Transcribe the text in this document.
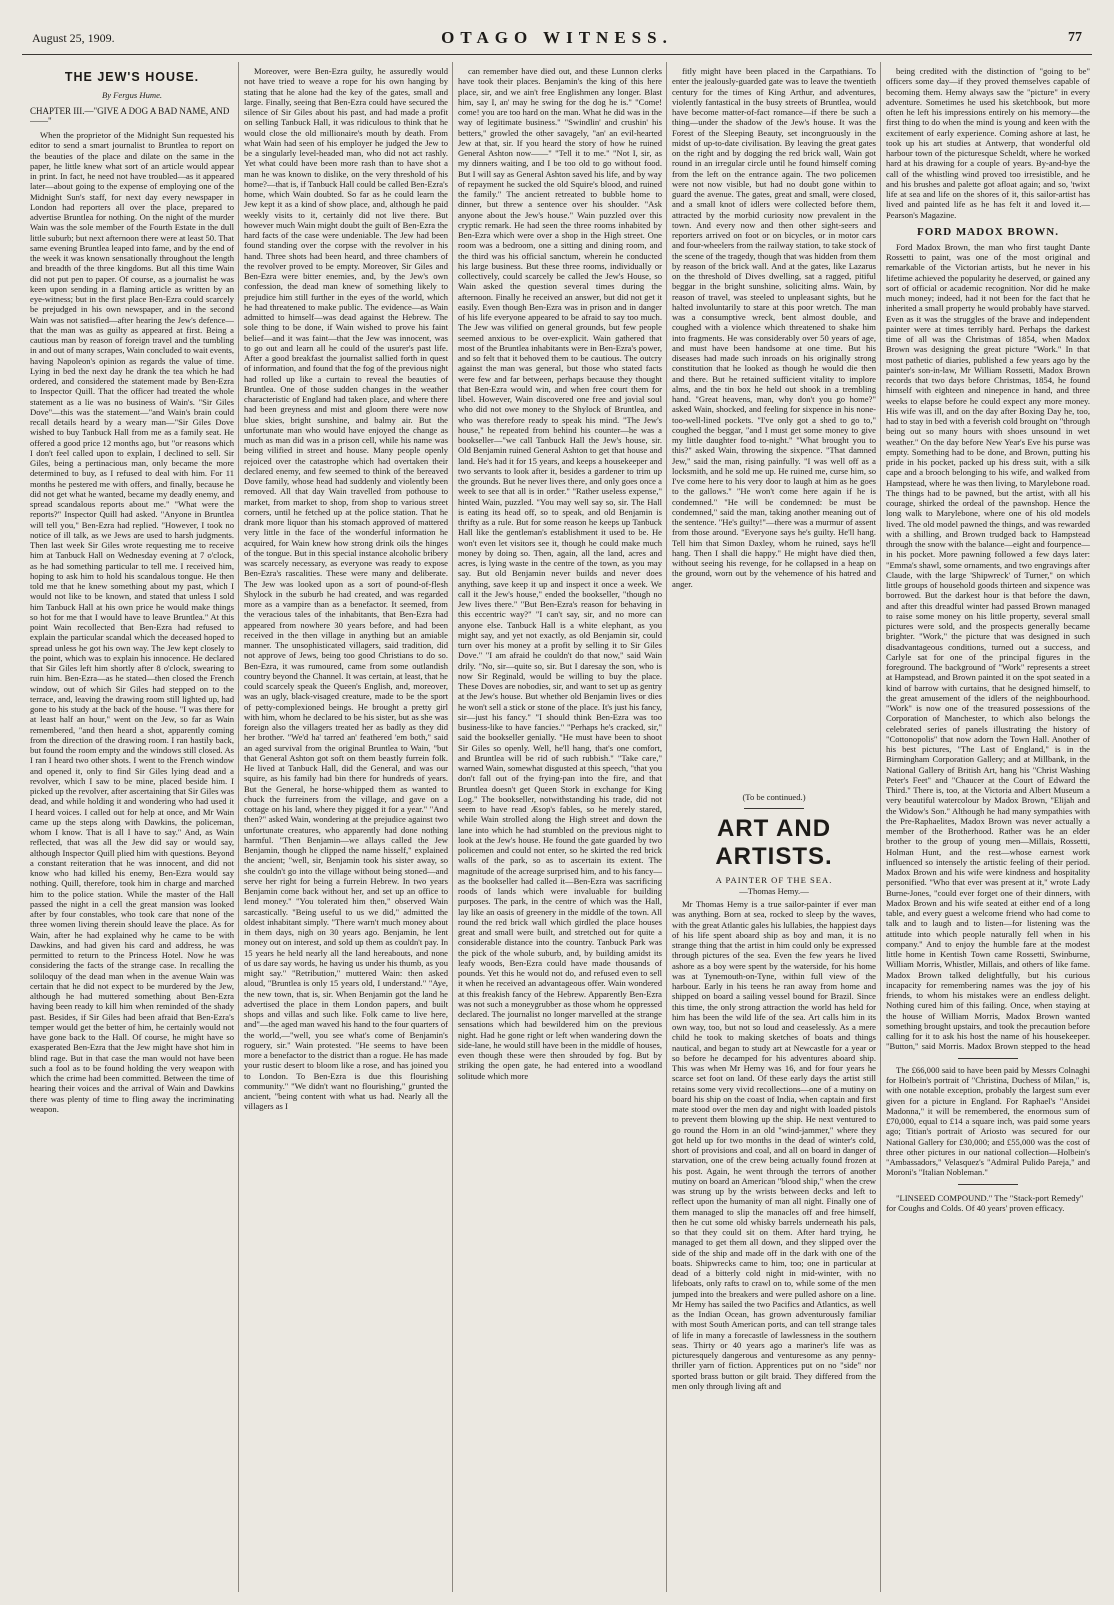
August 25, 1909.	OTAGO WITNESS.	77
THE JEW'S HOUSE.
By Fergus Hume.
CHAPTER III.—"GIVE A DOG A BAD NAME, AND——"

When the proprietor of the Midnight Sun requested his editor to send a smart journalist to Bruntlea to report on the beauties of the place and dilate on the same in the paper, he little knew what sort of an article would appear in print. In fact, he need not have troubled—as it appeared later—about going to the expense of employing one of the Midnight Sun's staff, for next day every newspaper in London had reporters all over the place, prepared to advertise Bruntlea for nothing. On the night of the murder Wain was the sole member of the Fourth Estate in the dull little suburb; but next afternoon there were at least 50. That same evening Bruntlea leaped into fame, and by the end of the week it was known sensationally throughout the length and breadth of the three kingdoms. But all this time Wain did not put pen to paper. Of course, as a journalist he was keen upon sending in a flaming article as written by an eye-witness; but in the first place Ben-Ezra could scarcely be prejudged in his own newspaper, and in the second Wain was not satisfied—after hearing the Jew's defence—that the man was as guilty as appeared at first. Being a cautious man by reason of foreign travel and the tumbling in and out of many scrapes, Wain concluded to wait events, having Napoleon's opinion as regards the value of time. Lying in bed the next day he drank the tea which he had ordered, and considered the statement made by Ben-Ezra to Inspector Quill. That the officer had treated the whole statement as a lie was no business of Wain's. "Sir Giles Dove"—this was the statement—"and Wain's brain could recall details heard by a weary man—"Sir Giles Dove wished to buy Tanbuck Hall from me as a family seat. He offered a good price 12 months ago, but "or reasons which I don't feel called upon to explain, I declined to sell. Sir Giles, being a pertinacious man, only became the more determined to buy, as I refused to deal with him. For 11 months he pestered me with offers, and finally, because he did not get what he wanted, became my deadly enemy, and spread scandalous reports about me." "What were the reports?" Inspector Quill had asked. "Anyone in Bruntlea will tell you," Ben-Ezra had replied. "However, I took no notice of ill talk, as we Jews are used to harsh judgments. Then last week Sir Giles wrote requesting me to receive him at Tanbuck Hall on Wednesday evening at 7 o'clock, as he had something particular to tell me. I received him, hoping to ask him to hold his scandalous tongue. He then told me that he knew something about my past, which I would not like to be known, and stated that unless I sold him Tanbuck Hall at his own price he would make things so hot for me that I would have to leave Bruntlea." At this point Wain recollected that Ben-Ezra had refused to explain the particular scandal which the deceased hoped to spread unless he got his own way. The Jew kept closely to the point, which was to explain his innocence. He declared that Sir Giles left him shortly after 8 o'clock, swearing to ruin him. Ben-Ezra—as he stated—then closed the French window, out of which Sir Giles had stepped on to the terrace, and, leaving the drawing room still lighted up, had gone to his study at the back of the house. "I was there for at least half an hour," went on the Jew, so far as Wain remembered, "and then heard a shot, apparently coming from the direction of the drawing room. I ran hastily back, but found the room empty and the windows still closed. As I ran I heard two other shots. I went to the French window and opened it, only to find Sir Giles lying dead and a revolver, which I saw to be mine, placed beside him. I picked up the revolver, after ascertaining that Sir Giles was dead, and while holding it and wondering who had used it I heard voices. I called out for help at once, and Mr Wain came up the steps along with Dawkins, the policeman, whom I know. That is all I have to say." And, as Wain reflected, that was all the Jew did say or would say, although Inspector Quill plied him with questions. Beyond a constant reiteration that he was innocent, and did not know who had killed his enemy, Ben-Ezra would say nothing. Quill, therefore, took him in charge and marched him to the police station. While the master of the Hall passed the night in a cell the great mansion was looked after by four constables, who took care that none of the three women living therein should leave the place. As for Wain, after he had explained why he came to be with Dawkins, and had given his card and address, he was permitted to return to the Princess Hotel. Now he was considering the facts of the strange case. In recalling the soliloquy of the dead man when in the avenue Wain was certain that he did not expect to be murdered by the Jew, although he had muttered something about Ben-Ezra having been ready to kill him when reminded of the shady past. Besides, if Sir Giles had been afraid that Ben-Ezra's temper would get the better of him, he certainly would not have gone back to the Hall. Of course, he might have so exasperated Ben-Ezra that the Jew might have shot him in blind rage. But in that case the man would not have been such a fool as to be found holding the very weapon with which the crime had been committed. Between the time of hearing their voices and the arrival of Wain and Dawkins there was plenty of time to fling away the incriminating weapon.

Moreover, were Ben-Ezra guilty, he assuredly would not have tried to weave a rope for his own hanging by stating that he alone had the key of the gates, small and large. Finally, seeing that Ben-Ezra could have secured the silence of Sir Giles about his past, and had made a profit on selling Tanbuck Hall, it was ridiculous to think that he would close the old millionaire's mouth by death. From what Wain had seen of his employer he judged the Jew to be a singularly level-headed man, who did not act rashly. Yet what could have been more rash than to have shot a man he was known to dislike, on the very threshold of his home?—that is, if Tanbuck Hall could be called Ben-Ezra's home, which Wain doubted. So far as he could learn the Jew kept it as a kind of show place, and, although he paid weekly visits to it, certainly did not live there. But however much Wain might doubt the guilt of Ben-Ezra the hard facts of the case were undeniable. The Jew had been found standing over the corpse with the revolver in his hand. Three shots had been heard, and three chambers of the revolver proved to be empty. Moreover, Sir Giles and Ben-Ezra were bitter enemies, and, by the Jew's own confession, the dead man knew of something likely to prejudice him still further in the eyes of the world, which he had threatened to make public. The evidence—as Wain admitted to himself—was dead against the Hebrew. The sole thing to be done, if Wain wished to prove his faint belief—and it was faint—that the Jew was innocent, was to go out and learn all he could of the usurer's past life. After a good breakfast the journalist sallied forth in quest of information, and found that the fog of the previous night had rolled up like a curtain to reveal the beauties of Bruntlea. One of those sudden changes in the weather characteristic of England had taken place, and where there had been greyness and mist and gloom there were now blue skies, bright sunshine, and balmy air. But the unfortunate man who would have enjoyed the change as much as man did was in a prison cell, while his name was being vilified in street and house. Many people openly rejoiced over the catastrophe which had overtaken their declared enemy, and few seemed to think of the bereaved Dove family, whose head had suddenly and violently been removed. All that day Wain travelled from pothouse to market, from market to shop, from shop to various street corners, until he fetched up at the police station. That he drank more liquor than his stomach approved of mattered very little in the face of the wonderful information he acquired, for Wain knew how strong drink oils the hinges of the tongue. But in this special instance alcoholic bribery was scarcely necessary, as everyone was ready to expose Ben-Ezra's rascalities. These were many and deliberate. The Jew was looked upon as a sort of pound-of-flesh Shylock in the suburb he had created, and was regarded more as a vampire than as a benefactor. It seemed, from the veracious tales of the inhabitants, that Ben-Ezra had appeared from nowhere 30 years before, and had been received in the then village in anything but an amiable manner. The unsophisticated villagers, said tradition, did not approve of Jews, being too good Christians to do so. Ben-Ezra, it was rumoured, came from some outlandish country beyond the Channel. It was certain, at least, that he could scarcely speak the Queen's English, and, moreover, was an ugly, black-visaged creature, made to be the sport of petty-complexioned beings. He brought a pretty girl with him, whom he declared to be his sister, but as she was foreign also the villagers treated her as badly as they did her brother. "We'd ha' tarred an' feathered 'em both," said an aged survival from the original Bruntlea to Wain, "but that General Ashton got soft on them beastly furrein folk. He lived at Tanbuck Hall, did the General, and was our squire, as his family had bin there for hundreds of years. But the General, he horse-whipped them as wanted to chuck the furreiners from the village, and gave on a cottage on his land, where they pigged it for a year." "And then?" asked Wain, wondering at the prejudice against two unfortunate creatures, who apparently had done nothing harmful. "Then Benjamin—we allays called the Jew Benjamin, though he clipped the name hisself," explained the ancient; "well, sir, Benjamin took his sister away, so she couldn't go into the village without being stoned—and serve her right for being a furrein Hebrew. In two years Benjamin come back without her, and set up an office to lend money." "You tolerated him then," observed Wain sarcastically. "Being useful to us we did," admitted the oldest inhabitant simply. "There warn't much money about in them days, nigh on 30 years ago. Benjamin, he lent money out on interest, and sold up them as couldn't pay. In 15 years he held nearly all the land hereabouts, and none of us dare say words, he having us under his thumb, as you might say." "Retribution," muttered Wain: then asked aloud, "Bruntlea is only 15 years old, I understand." "Aye, the new town, that is, sir. When Benjamin got the land he advertised the place in them London papers, and built shops and villas and such like. Folk came to live here, and"—the aged man waved his hand to the four quarters of the world,—"well, you see what's come of Benjamin's roguery, sir." Wain protested. "He seems to have been more a benefactor to the district than a rogue. He has made your rustic desert to bloom like a rose, and has joined you to London. To Ben-Ezra is due this flourishing community." "We didn't want no flourishing," grunted the ancient, "being content with what us had. Nearly all the villagers as I

can remember have died out, and these Lunnon clerks have took their places. Benjamin's the king of this here place, sir, and we ain't free Englishmen any longer. Blast him, say I, an' may he swing for the dog he is." "Come! come! you are too hard on the man. What he did was in the way of legitimate business." "Swindlin' and crushin' his betters," growled the other savagely, "an' an evil-hearted Jew at that, sir. If you heard the story of how he ruined General Ashton now——" "Tell it to me." "Not I, sir, as my dinners waiting, and I be too old to go without food. But I will say as General Ashton saved his life, and by way of repayment he sucked the old Squire's blood, and ruined the family." The ancient retreated to bubble home to dinner, but threw a sentence over his shoulder. "Ask anyone about the Jew's house." Wain puzzled over this cryptic remark. He had seen the three rooms inhabited by Ben-Ezra which were over a shop in the High street. One room was a bedroom, one a sitting and dining room, and the third was his official sanctum, wherein he conducted his large business. But these three rooms, individually or collectively, could scarcely be called the Jew's House, so Wain asked the question several times during the afternoon. Finally he received an answer, but did not get it easily. Even though Ben-Ezra was in prison and in danger of his life everyone appeared to be afraid to say too much. The Jew was vilified on general grounds, but few people seemed anxious to be over-explicit. Wain gathered that most of the Bruntlea inhabitants were in Ben-Ezra's power, and so felt that it behoved them to be cautious. The outcry against the man was general, but those who stated facts were few and far between, perhaps because they thought that Ben-Ezra would win, and when free court them for libel. However, Wain discovered one free and jovial soul who did not owe money to the Shylock of Bruntlea, and who was therefore ready to speak his mind. "The Jew's house," he repeated from behind his counter—he was a bookseller—"we call Tanbuck Hall the Jew's house, sir. Old Benjamin ruined General Ashton to get that house and land. He's had it for 15 years, and keeps a housekeeper and two servants to look after it, besides a gardener to trim up the grounds. But he never lives there, and only goes once a week to see that all is in order." "Rather useless expense," hinted Wain, puzzled. "You may well say so, sir. The Hall is eating its head off, so to speak, and old Benjamin is thrifty as a rule. But for some reason he keeps up Tanbuck Hall like the gentleman's establishment it used to be. He won't even let visitors see it, though he could make much money by doing so. Then, again, all the land, acres and acres, is lying waste in the centre of the town, as you may say. But old Benjamin never builds and never does anything, save keep it up and inspect it once a week. We call it the Jew's house," ended the bookseller, "though no Jew lives there." "But Ben-Ezra's reason for behaving in this eccentric way?" "I can't say, sir, and no more can anyone else. Tanbuck Hall is a white elephant, as you might say, and yet not exactly, as old Benjamin sir, could turn over his money at a profit by selling it to Sir Giles Dove." "I am afraid he couldn't do that now," said Wain drily. "No, sir—quite so, sir. But I daresay the son, who is now Sir Reginald, would be willing to buy the place. These Doves are nobodies, sir, and want to set up as gentry at the Jew's house. But whether old Benjamin lives or dies he won't sell a stick or stone of the place. It's just his fancy, sir—just his fancy." "I should think Ben-Ezra was too business-like to have fancies." "Perhaps he's cracked, sir," said the bookseller genially. "He must have been to shoot Sir Giles so openly. Well, he'll hang, that's one comfort, and Bruntlea will be rid of such rubbish." "Take care," warned Wain, somewhat disgusted at this speech, "that you don't fall out of the frying-pan into the fire, and that Bruntlea doesn't get Queen Stork in exchange for King Log." The bookseller, notwithstanding his trade, did not seem to have read Æsop's fables, so he merely stared, while Wain strolled along the High street and down the lane into which he had stumbled on the previous night to look at the Jew's house. He found the gate guarded by two policemen and could not enter, so he skirted the red brick walls of the park, so as to ascertain its extent. The magnitude of the acreage surprised him, and to his fancy—as the bookseller had called it—Ben-Ezra was sacrificing roods of lands which were invaluable for building purposes. The park, in the centre of which was the Hall, lay like an oasis of greenery in the middle of the town. All round the red brick wall which girdled the place houses great and small were built, and stretched out for quite a considerable distance into the country. Tanbuck Park was the pick of the whole suburb, and, by building amidst its leafy woods, Ben-Ezra could have made thousands of pounds. Yet this he would not do, and refused even to sell it when he received an advantageous offer. Wain wondered at this freakish fancy of the Hebrew. Apparently Ben-Ezra was not such a moneygrubber as those whom he oppressed declared. The journalist no longer marvelled at the strange sensations which had bewildered him on the previous night. Had he gone right or left when wandering down the side-lane, he would still have been in the middle of houses, even though these were then shrouded by fog. But by striking the open gate, he had entered into a woodland solitude which more

fitly might have been placed in the Carpathians. To enter the jealously-guarded gate was to leave the twentieth century for the times of King Arthur, and adventures, violently fantastical in the busy streets of Bruntlea, would have become matter-of-fact romance—if there be such a thing—under the shadow of the Jew's house. It was the Forest of the Sleeping Beauty, set incongruously in the midst of up-to-date civilisation. By leaving the great gates on the right and by dogging the red brick wall, Wain got round in an irregular circle until he found himself coming from the left on the entrance again. The two policemen were not now visible, but had no doubt gone within to guard the avenue. The gates, great and small, were closed, and a small knot of idlers were collected before them, attracted by the morbid curiosity now prevalent in the town. And every now and then other sight-seers and reporters arrived on foot or on bicycles, or in motor cars and four-wheelers from the railway station, to take stock of the scene of the tragedy, though that was hidden from them by reason of the brick wall. And at the gates, like Lazarus on the threshold of Dives dwelling, sat a ragged, pitiful beggar in the bright sunshine, soliciting alms. Wain, by reason of travel, was steeled to unpleasant sights, but he halted involuntarily to stare at this poor wretch. The man was a consumptive wreck, bent almost double, and coughed with a violence which threatened to shake him into fragments. He was considerably over 50 years of age, and must have been handsome at one time. But his diseases had made such inroads on his originally strong constitution that he looked as though he would die then and there. But he retained sufficient vitality to implore alms, and the tin box he held out shook in a trembling hand. "Great heavens, man, why don't you go home?" asked Wain, shocked, and feeling for sixpence in his none-too-well-lined pockets. "I've only got a shed to go to," coughed the beggar, "and I must get some money to give my little daughter food to-night." "What brought you to this?" asked Wain, throwing the sixpence. "That damned Jew," said the man, rising painfully. "I was well off as a locksmith, and he sold me up. He ruined me, curse him, so I've come here to his very door to laugh at him as he goes to the gallows." "He won't come here again if he is condemned." "He will be condemned: be must be condemned," said the man, taking another meaning out of the sentence. "He's guilty!"—there was a murmur of assent from those around. "Everyone says he's guilty. He'll hang. Tell him that Simon Daxley, whom he ruined, says he'll hang. Then I shall die happy." He might have died then, without seeing his revenge, for he collapsed in a heap on the ground, worn out by the vehemence of his hatred and anger.

(To be continued.)
ART AND ARTISTS.
A PAINTER OF THE SEA.
—Thomas Hemy.—

Mr Thomas Hemy is a true sailor-painter if ever man was anything. Born at sea, rocked to sleep by the waves, with the great Atlantic gales his lullabies, the happiest days of his life spent aboard ship as boy and man, it is no strange thing that the artist in him could only be expressed through pictures of the sea. Even the few years he lived ashore as a boy were spent by the waterside, for his home was at Tynemouth-on-Tyne, within full view of the harbour. Early in his teens he ran away from home and shipped on board a sailing vessel bound for Brazil. Since this time, the only strong attraction the world has held for him has been the wild life of the sea. Art calls him in its own way, too, but not so loud and ceaselessly. As a mere child he took to making sketches of boats and things nautical, and began to study art at Newcastle for a year or so before he decamped for his adventures aboard ship. This was when Mr Hemy was 16, and for four years he scarce set foot on land. Of these early days the artist still retains some very vivid recollections—one of a mutiny on board his ship on the coast of India, when captain and first mate stood over the men day and night with loaded pistols to prevent them blowing up the ship. He next ventured to go round the Horn in an old "wind-jammer," where they got held up for two months in the dead of winter's cold, short of provisions and coal, and all on board in danger of starvation, one of the crew being actually found frozen at his post. Again, he went through the terrors of another mutiny on board an American "blood ship," when the crew was strung up by the wrists between decks and left to reflect upon the humanity of man all night. Finally one of them managed to slip the manacles off and free himself, then he cut some old whisky barrels underneath his pals, so that they could sit on them. After hard trying, he managed to get them all down, and they slipped over the side of the ship and made off in the dark with one of the boats. Shipwrecks came to him, too; one in particular at dead of a bitterly cold night in mid-winter, with no lifeboats, only rafts to crawl on to, while some of the men jumped into the breakers and were pulled ashore on a line. Mr Hemy has sailed the two Pacifics and Atlantics, as well as the Indian Ocean, has grown adventurously familiar with most South American ports, and can tell strange tales of life in many a forecastle of lawlessness in the southern seas. Thirty or 40 years ago a mariner's life was as picturesquely dangerous and venturesome as any penny-thriller yarn of fiction. Apprentices put on no "side" nor sported brass button or gilt braid. They differed from the men only through living aft and

being credited with the distinction of "going to be" officers some day—if they proved themselves capable of becoming them. Hemy always saw the "picture" in every adventure. Sometimes he used his sketchbook, but more often he left his impressions entirely on his memory—the first thing to do when the mind is young and keen with the excitement of early experience. Coming ashore at last, he took up his art studies at Antwerp, that wonderful old harbour town of the picturesque Scheldt, where he worked hard at his drawing for a couple of years. By-and-bye the call of the whistling wind proved too irresistible, and he and his brushes and palette got afloat again; and so, 'twixt life at sea and life on the shores of it, this sailor-artist has lived and painted life as he has felt it and loved it.—Pearson's Magazine.

FORD MADOX BROWN.

Ford Madox Brown, the man who first taught Dante Rossetti to paint, was one of the most original and remarkable of the Victorian artists, but he never in his lifetime achieved the popularity he deserved, or gained any sort of official or academic recognition. Nor did he make much money; indeed, had it not been for the fact that he inherited a small property he would probably have starved. Even as it was the struggles of the brave and independent painter were at times terribly hard. Perhaps the darkest time of all was the Christmas of 1854, when Madox Brown was designing the great picture "Work." In that most pathetic of diaries, published a few years ago by the painter's son-in-law, Mr William Rossetti, Madox Brown records that two days before Christmas, 1854, he found himself with eighteen and ninepence in hand, and three weeks to elapse before he could expect any more money. His wife was ill, and on the day after Boxing Day he, too, had to stay in bed with a feverish cold brought on "through being out so many hours with shoes unsound in wet weather." On the day before New Year's Eve his purse was empty. Something had to be done, and Brown, putting his pride in his pocket, packed up his dress suit, with a silk cape and a brooch belonging to his wife, and walked from Hampstead, where he was then living, to Marylebone road. The things had to be pawned, but the artist, with all his courage, shirked the ordeal of the pawnshop. Hence the long walk to Marylebone, where one of his old models lived. The old model pawned the things, and was rewarded with a shilling, and Brown trudged back to Hampstead through the snow with the balance—eight and fourpence—in his pocket. More pawning followed a few days later: "Emma's shawl, some ornaments, and two engravings after Claude, with the large 'Shipwreck' of Turner," on which little groups of household goods thirteen and sixpence was borrowed. But the darkest hour is that before the dawn, and after this dreadful winter had passed Brown managed to raise some money on his little property, several small pictures were sold, and the prospects generally became brighter. "Work," the picture that was designed in such disadvantageous conditions, turned out a success, and Carlyle sat for one of the principal figures in the foreground. The background of "Work" represents a street at Hampstead, and Brown painted it on the spot seated in a kind of barrow with curtains, that he designed himself, to the great amusement of the idlers of the neighbourhood. "Work" is now one of the treasured possessions of the Corporation of Manchester, to which also belongs the celebrated series of panels illustrating the history of "Cottonopolis" that now adorn the Town Hall. Another of his best pictures, "The Last of England," is in the Birmingham Corporation Gallery; and at Millbank, in the National Gallery of British Art, hang his "Christ Washing Peter's Feet" and "Chaucer at the Court of Edward the Third." There is, too, at the Victoria and Albert Museum a very beautiful watercolour by Madox Brown, "Elijah and the Widow's Son." Although he had many sympathies with the Pre-Raphaelites, Madox Brown was never actually a member of the Brotherhood. Rather was he an elder brother to the group of young men—Millais, Rossetti, Holman Hunt, and the rest—whose earnest work influenced so intensely the artistic feeling of their period. Madox Brown and his wife were kindness and hospitality personified. "Who that ever was present at it," wrote Lady Burne-Jones, "could ever forget one of their dinners, with Madox Brown and his wife seated at either end of a long table, and every guest a welcome friend who had come to talk and to laugh and to listen—for listening was the attitude into which people naturally fell when in his company." And to enjoy the humble fare at the modest little home in Kentish Town came Rossetti, Swinburne, William Morris, Whistler, Millais, and others of like fame. Madox Brown talked delightfully, but his curious incapacity for remembering names was the joy of his friends, to whom his mistakes were an endless delight. Nothing cured him of this failing. Once, when staying at the house of William Morris, Madox Brown wanted something brought upstairs, and took the precaution before calling for it to ask his host the name of his housekeeper. "Button," said Morris. Madox Brown stepped to the head

The £66,000 said to have been paid by Messrs Colnaghi for Holbein's portrait of "Christina, Duchess of Milan," is, with one notable exception, probably the largest sum ever given for a picture in England. For Raphael's "Ansidei Madonna," it will be remembered, the enormous sum of £70,000, equal to £14 a square inch, was paid some years ago; Titian's portrait of Ariosto was secured for our National Gallery for £30,000; and £55,000 was the cost of three other pictures in our national collection—Holbein's "Ambassadors," Velasquez's "Admiral Pulido Pareja," and Moroni's "Italian Nobleman."

"LINSEED COMPOUND." The "Stack-port Remedy" for Coughs and Colds. Of 40 years' proven efficacy.
